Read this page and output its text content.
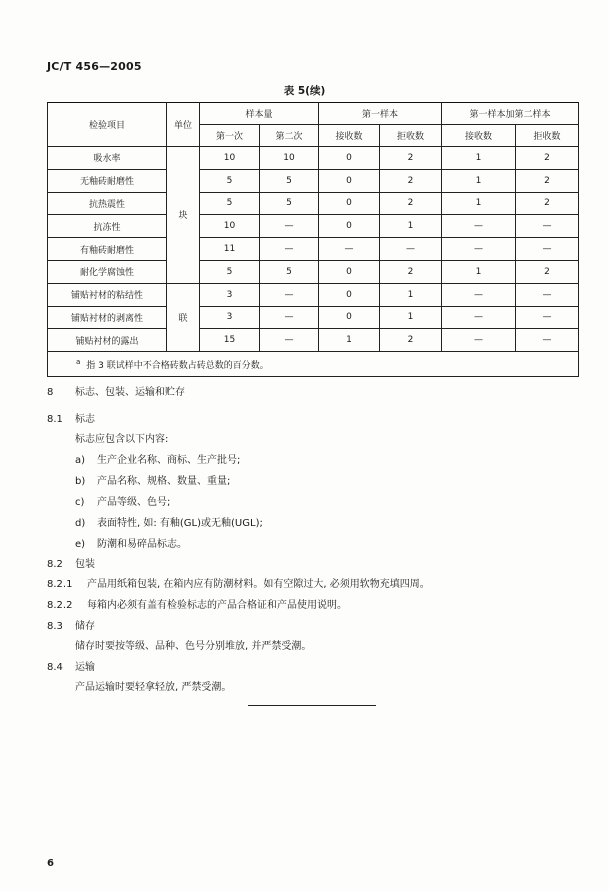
JC/T 456—2005
表 5(续)
检验项目	单位	样本量		第一样本		第一样本加第二样本	
		第一次	第二次	接收数	拒收数	接收数	拒收数
吸水率	块	10	10	0	2	1	2
无釉砖耐磨性		5	5	0	2	1	2
抗热震性		5	5	0	2	1	2
抗冻性		10	—	0	1	—	—
有釉砖耐磨性		11	—	—	—	—	—
耐化学腐蚀性		5	5	0	2	1	2
铺贴衬材的粘结性	联	3	—	0	1	—	—
铺贴衬材的剥离性		3	—	0	1	—	—
铺贴衬材的露出		15	—	1	2	—	—
$^a$ 指 3 联试样中不合格砖数占砖总数的百分数。							
8 标志、包装、运输和贮存
8.1 标志
标志应包含以下内容:
a) 生产企业名称、商标、生产批号;
b) 产品名称、规格、数量、重量;
c) 产品等级、色号;
d) 表面特性, 如: 有釉(GL)或无釉(UGL);
e) 防潮和易碎品标志。
8.2 包装
8.2.1 产品用纸箱包装, 在箱内应有防潮材料。如有空隙过大, 必须用软物充填四周。
8.2.2 每箱内必须有盖有检验标志的产品合格证和产品使用说明。
8.3 储存
储存时要按等级、品种、色号分别堆放, 并严禁受潮。
8.4 运输
产品运输时要轻拿轻放, 严禁受潮。
6
